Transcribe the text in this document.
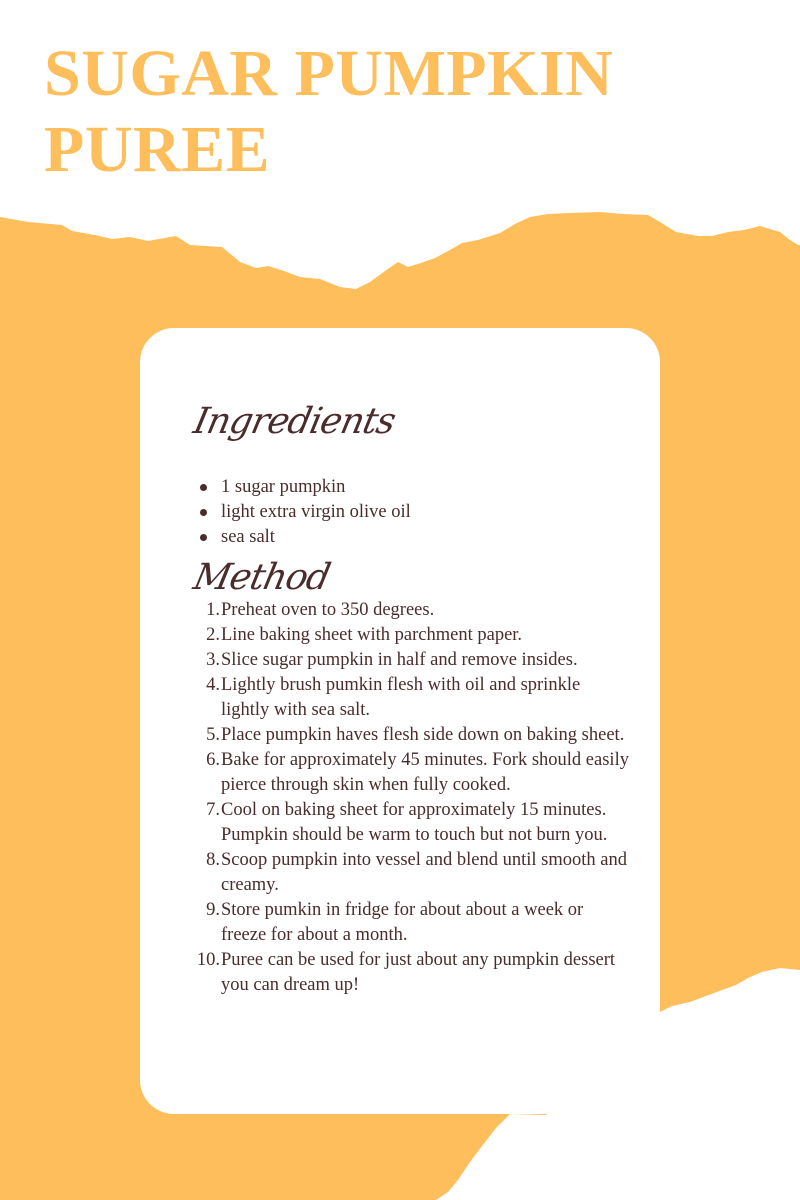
SUGAR PUMPKIN
PUREE
Ingredients
1 sugar pumpkin
light extra virgin olive oil
sea salt
Method
1. Preheat oven to 350 degrees.
2. Line baking sheet with parchment paper.
3. Slice sugar pumpkin in half and remove insides.
4. Lightly brush pumkin flesh with oil and sprinkle lightly with sea salt.
5. Place pumpkin haves flesh side down on baking sheet.
6. Bake for approximately 45 minutes. Fork should easily pierce through skin when fully cooked.
7. Cool on baking sheet for approximately 15 minutes. Pumpkin should be warm to touch but not burn you.
8. Scoop pumpkin into vessel and blend until smooth and creamy.
9. Store pumkin in fridge for about about a week or freeze for about a month.
10. Puree can be used for just about any pumpkin dessert you can dream up!
